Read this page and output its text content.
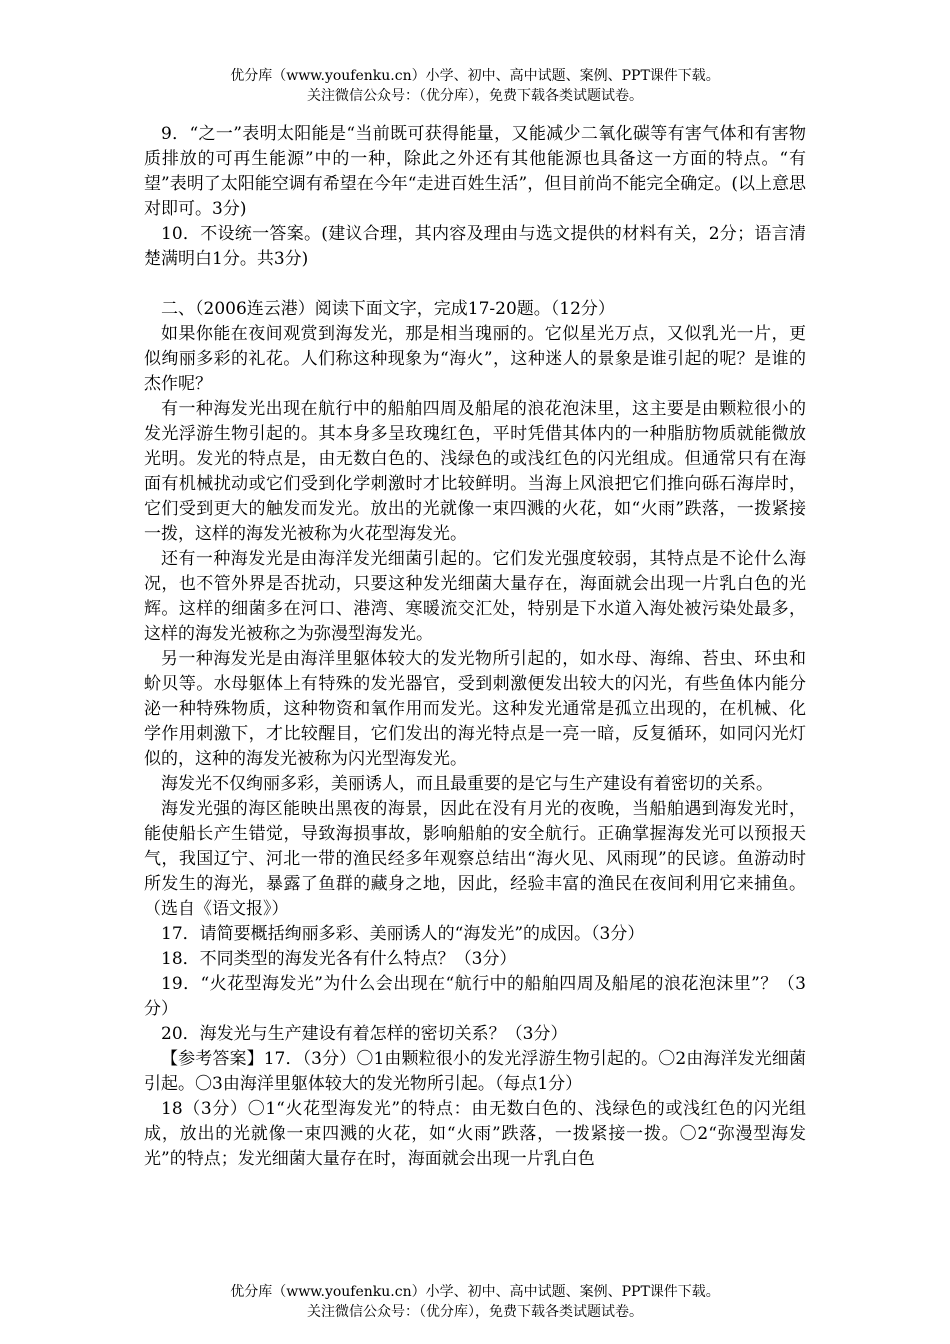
优分库（www.youfenku.cn）小学、初中、高中试题、案例、PPT课件下载。
关注微信公众号：（优分库），免费下载各类试题试卷。

9．“之一”表明太阳能是“当前既可获得能量，又能减少二氧化碳等有害气体和有害物质排放的可再生能源”中的一种，除此之外还有其他能源也具备这一方面的特点。“有望”表明了太阳能空调有希望在今年“走进百姓生活”，但目前尚不能完全确定。(以上意思对即可。3分)

10．不设统一答案。(建议合理，其内容及理由与选文提供的材料有关，2分；语言清楚满明白1分。共3分)

二、（2006连云港）阅读下面文字，完成17-20题。（12分）

如果你能在夜间观赏到海发光，那是相当瑰丽的。它似星光万点，又似乳光一片，更似绚丽多彩的礼花。人们称这种现象为“海火”，这种迷人的景象是谁引起的呢？是谁的杰作呢？

有一种海发光出现在航行中的船舶四周及船尾的浪花泡沫里，这主要是由颗粒很小的发光浮游生物引起的。其本身多呈玫瑰红色，平时凭借其体内的一种脂肪物质就能微放光明。发光的特点是，由无数白色的、浅绿色的或浅红色的闪光组成。但通常只有在海面有机械扰动或它们受到化学刺激时才比较鲜明。当海上风浪把它们推向砾石海岸时，它们受到更大的触发而发光。放出的光就像一束四溅的火花，如“火雨”跌落，一拨紧接一拨，这样的海发光被称为火花型海发光。

还有一种海发光是由海洋发光细菌引起的。它们发光强度较弱，其特点是不论什么海况，也不管外界是否扰动，只要这种发光细菌大量存在，海面就会出现一片乳白色的光辉。这样的细菌多在河口、港湾、寒暖流交汇处，特别是下水道入海处被污染处最多，这样的海发光被称之为弥漫型海发光。

另一种海发光是由海洋里躯体较大的发光物所引起的，如水母、海绵、苔虫、环虫和蚧贝等。水母躯体上有特殊的发光器官，受到刺激便发出较大的闪光，有些鱼体内能分泌一种特殊物质，这种物资和氧作用而发光。这种发光通常是孤立出现的，在机械、化学作用刺激下，才比较醒目，它们发出的海光特点是一亮一暗，反复循环，如同闪光灯似的，这种的海发光被称为闪光型海发光。

海发光不仅绚丽多彩，美丽诱人，而且最重要的是它与生产建设有着密切的关系。

海发光强的海区能映出黑夜的海景，因此在没有月光的夜晚，当船舶遇到海发光时，能使船长产生错觉，导致海损事故，影响船舶的安全航行。正确掌握海发光可以预报天气，我国辽宁、河北一带的渔民经多年观察总结出“海火见、风雨现”的民谚。鱼游动时所发生的海光，暴露了鱼群的藏身之地，因此，经验丰富的渔民在夜间利用它来捕鱼。（选自《语文报》）

17．请简要概括绚丽多彩、美丽诱人的“海发光”的成因。（3分）

18．不同类型的海发光各有什么特点？（3分）

19．“火花型海发光”为什么会出现在“航行中的船舶四周及船尾的浪花泡沫里”？（3分）

20．海发光与生产建设有着怎样的密切关系？（3分）

【参考答案】17．（3分）〇1由颗粒很小的发光浮游生物引起的。〇2由海洋发光细菌引起。〇3由海洋里躯体较大的发光物所引起。（每点1分）

18（3分）〇1“火花型海发光”的特点：由无数白色的、浅绿色的或浅红色的闪光组成，放出的光就像一束四溅的火花，如“火雨”跌落，一拨紧接一拨。〇2“弥漫型海发光”的特点；发光细菌大量存在时，海面就会出现一片乳白色

优分库（www.youfenku.cn）小学、初中、高中试题、案例、PPT课件下载。
关注微信公众号：（优分库），免费下载各类试题试卷。
